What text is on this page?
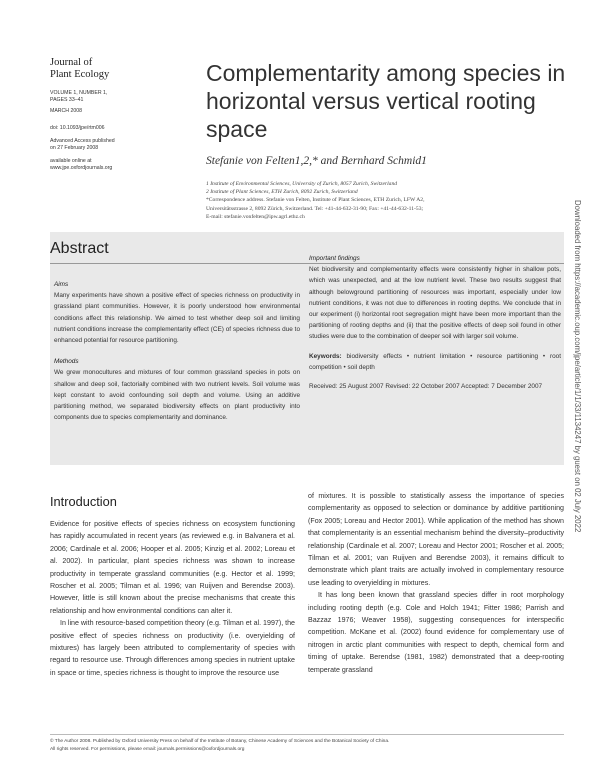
Journal of
Plant Ecology
VOLUME 1, NUMBER 1,
PAGES 33–41
MARCH 2008
doi: 10.1093/jpe/rtm006
Advanced Access published
on 27 February 2008
available online at
www.jpe.oxfordjournals.org
Complementarity among species in horizontal versus vertical rooting space
Stefanie von Felten1,2,* and Bernhard Schmid1
1 Institute of Environmental Sciences, University of Zurich, 8057 Zurich, Switzerland
2 Institute of Plant Sciences, ETH Zurich, 8092 Zurich, Switzerland
*Correspondence address. Stefanie von Felten, Institute of Plant Sciences, ETH Zurich, LFW A2,
Universitätsstrasse 2, 8092 Zürich, Switzerland. Tel: +41-44-632-31-90; Fax: +41-44-632-11-53;
E-mail: stefanie.vonfelten@ipw.agrl.ethz.ch	Downloaded from https://academic.oup.com/jpe/article/1/1/33/1134247 by guest on 02 July 2022
Abstract
Aims

Many experiments have shown a positive effect of species richness on productivity in grassland plant communities. However, it is poorly understood how environmental conditions affect this relationship. We aimed to test whether deep soil and limiting nutrient conditions increase the complementarity effect (CE) of species richness due to enhanced potential for resource partitioning.

Methods

We grew monocultures and mixtures of four common grassland species in pots on shallow and deep soil, factorially combined with two nutrient levels. Soil volume was kept constant to avoid confounding soil depth and volume. Using an additive partitioning method, we separated biodiversity effects on plant productivity into components due to species complementarity and dominance.

Important findings

Net biodiversity and complementarity effects were consistently higher in shallow pots, which was unexpected, and at the low nutrient level. These two results suggest that although belowground partitioning of resources was important, especially under low nutrient conditions, it was not due to differences in rooting depths. We conclude that in our experiment (i) horizontal root segregation might have been more important than the partitioning of rooting depths and (ii) that the positive effects of deep soil found in other studies were due to the combination of deeper soil with larger soil volume.

Keywords: biodiversity effects • nutrient limitation • resource partitioning • root competition • soil depth

Received: 25 August 2007 Revised: 22 October 2007 Accepted: 7 December 2007

Introduction

Evidence for positive effects of species richness on ecosystem functioning has rapidly accumulated in recent years (as reviewed e.g. in Balvanera et al. 2006; Cardinale et al. 2006; Hooper et al. 2005; Kinzig et al. 2002; Loreau et al. 2002). In particular, plant species richness was shown to increase productivity in temperate grassland communities (e.g. Hector et al. 1999; Roscher et al. 2005; Tilman et al. 1996; van Ruijven and Berendse 2003). However, little is still known about the precise mechanisms that create this relationship and how environmental conditions can alter it.

In line with resource-based competition theory (e.g. Tilman et al. 1997), the positive effect of species richness on productivity (i.e. overyielding of mixtures) has largely been attributed to complementarity of species with regard to resource use. Through differences among species in nutrient uptake in space or time, species richness is thought to improve the resource use

of mixtures. It is possible to statistically assess the importance of species complementarity as opposed to selection or dominance by additive partitioning (Fox 2005; Loreau and Hector 2001). While application of the method has shown that complementarity is an essential mechanism behind the diversity–productivity relationship (Cardinale et al. 2007; Loreau and Hector 2001; Roscher et al. 2005; Tilman et al. 2001; van Ruijven and Berendse 2003), it remains difficult to demonstrate which plant traits are actually involved in complementary resource use leading to overyielding in mixtures.

It has long been known that grassland species differ in root morphology including rooting depth (e.g. Cole and Holch 1941; Fitter 1986; Parrish and Bazzaz 1976; Weaver 1958), suggesting consequences for interspecific competition. McKane et al. (2002) found evidence for complementary use of nitrogen in arctic plant communities with respect to depth, chemical form and timing of uptake. Berendse (1981, 1982) demonstrated that a deep-rooting temperate grassland

© The Author 2008. Published by Oxford University Press on behalf of the Institute of Botany, Chinese Academy of Sciences and the Botanical Society of China.
All rights reserved. For permissions, please email: journals.permissions@oxfordjournals.org
